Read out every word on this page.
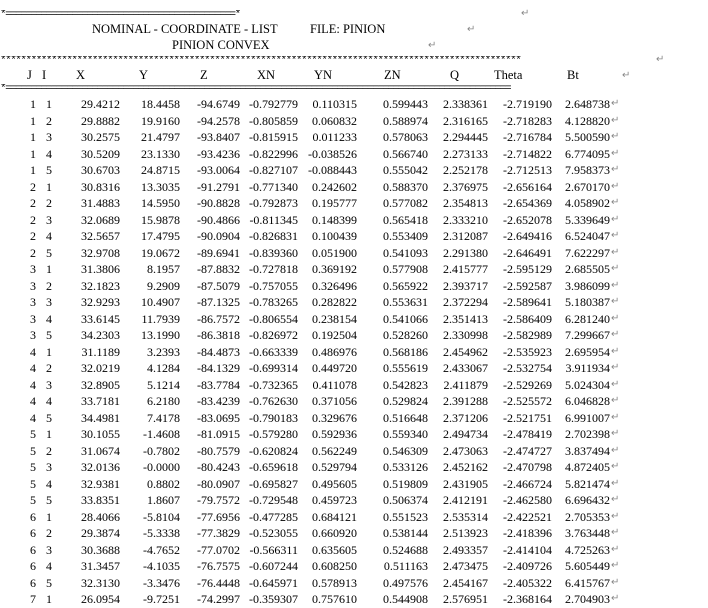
*=============================================*	↵
NOMINAL - COORDINATE - LIST	FILE: PINION	↵
PINION CONVEX	↵
******************************************************************************************************	↵
J I X	Y	Z	XN	YN	ZN	Q	Theta	Bt	↵
*===================================================================================================
1 1 29.4212 18.4458 -94.6749 -0.792779 0.110315 0.599443 2.338361 -2.719190 2.648738 ↵
1 2 29.8882 19.9160 -94.2578 -0.805859 0.060832 0.588974 2.316165 -2.718283 4.128820 ↵
1 3 30.2575 21.4797 -93.8407 -0.815915 0.011233 0.578063 2.294445 -2.716784 5.500590 ↵
1 4 30.5209 23.1330 -93.4236 -0.822996 -0.038526 0.566740 2.273133 -2.714822 6.774095 ↵
1 5 30.6703 24.8715 -93.0064 -0.827107 -0.088443 0.555042 2.252178 -2.712513 7.958373 ↵
2 1 30.8316 13.3035 -91.2791 -0.771340 0.242602 0.588370 2.376975 -2.656164 2.670170 ↵
2 2 31.4883 14.5950 -90.8828 -0.792873 0.195777 0.577082 2.354813 -2.654369 4.058902 ↵
2 3 32.0689 15.9878 -90.4866 -0.811345 0.148399 0.565418 2.333210 -2.652078 5.339649 ↵
2 4 32.5657 17.4795 -90.0904 -0.826831 0.100439 0.553409 2.312087 -2.649416 6.524047 ↵
2 5 32.9708 19.0672 -89.6941 -0.839360 0.051900 0.541093 2.291380 -2.646491 7.622297 ↵
3 1 31.3806 8.1957 -87.8832 -0.727818 0.369192 0.577908 2.415777 -2.595129 2.685505 ↵
3 2 32.1823 9.2909 -87.5079 -0.757055 0.326496 0.565922 2.393717 -2.592587 3.986099 ↵
3 3 32.9293 10.4907 -87.1325 -0.783265 0.282822 0.553631 2.372294 -2.589641 5.180387 ↵
3 4 33.6145 11.7939 -86.7572 -0.806554 0.238154 0.541066 2.351413 -2.586409 6.281240 ↵
3 5 34.2303 13.1990 -86.3818 -0.826972 0.192504 0.528260 2.330998 -2.582989 7.299667 ↵
4 1 31.1189 3.2393 -84.4873 -0.663339 0.486976 0.568186 2.454962 -2.535923 2.695954 ↵
4 2 32.0219 4.1284 -84.1329 -0.699314 0.449720 0.555619 2.433067 -2.532754 3.911934 ↵
4 3 32.8905 5.1214 -83.7784 -0.732365 0.411078 0.542823 2.411879 -2.529269 5.024304 ↵
4 4 33.7181 6.2180 -83.4239 -0.762630 0.371056 0.529824 2.391288 -2.525572 6.046828 ↵
4 5 34.4981 7.4178 -83.0695 -0.790183 0.329676 0.516648 2.371206 -2.521751 6.991007 ↵
5 1 30.1055 -1.4608 -81.0915 -0.579280 0.592936 0.559340 2.494734 -2.478419 2.702398 ↵
5 2 31.0674 -0.7802 -80.7579 -0.620824 0.562249 0.546309 2.473063 -2.474727 3.837494 ↵
5 3 32.0136 -0.0000 -80.4243 -0.659618 0.529794 0.533126 2.452162 -2.470798 4.872405 ↵
5 4 32.9381 0.8802 -80.0907 -0.695827 0.495605 0.519809 2.431905 -2.466724 5.821474 ↵
5 5 33.8351 1.8607 -79.7572 -0.729548 0.459723 0.506374 2.412191 -2.462580 6.696432 ↵
6 1 28.4066 -5.8104 -77.6956 -0.477285 0.684121 0.551523 2.535314 -2.422521 2.705353 ↵
6 2 29.3874 -5.3338 -77.3829 -0.523055 0.660920 0.538144 2.513923 -2.418396 3.763448 ↵
6 3 30.3688 -4.7652 -77.0702 -0.566311 0.635605 0.524688 2.493357 -2.414104 4.725263 ↵
6 4 31.3457 -4.1035 -76.7575 -0.607244 0.608250 0.511163 2.473475 -2.409726 5.605449 ↵
6 5 32.3130 -3.3476 -76.4448 -0.645971 0.578913 0.497576 2.454167 -2.405322 6.415767 ↵
7 1 26.0954 -9.7251 -74.2997 -0.359307 0.757610 0.544908 2.576951 -2.368164 2.704903 ↵
